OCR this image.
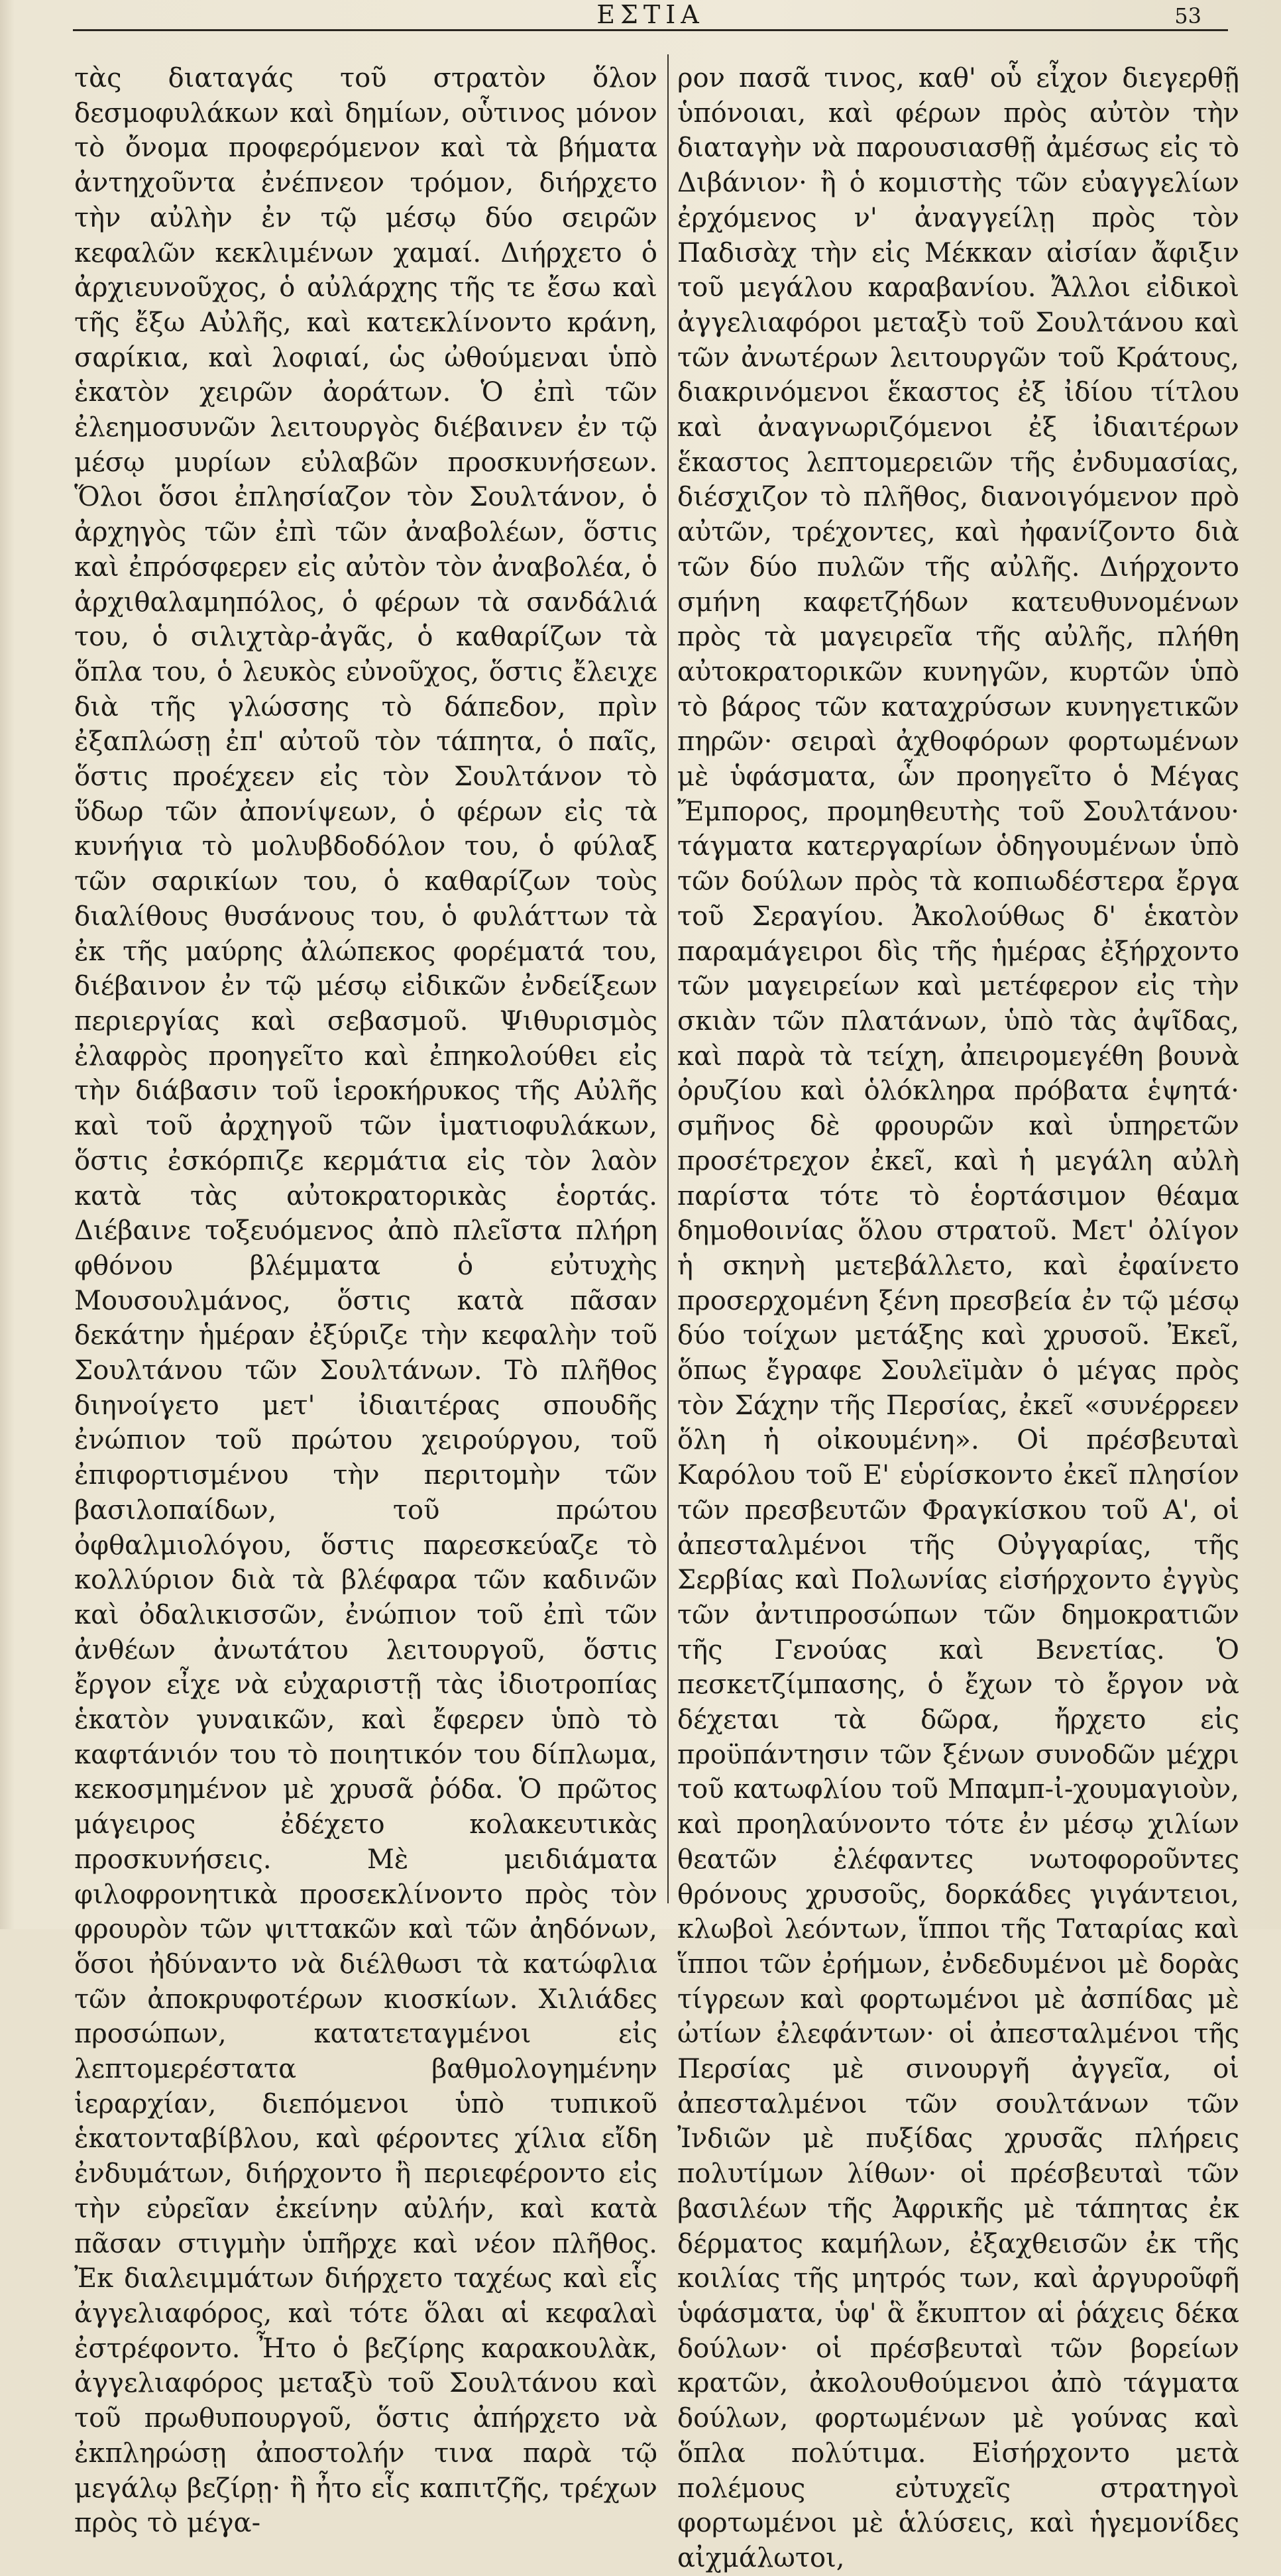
ΕΣΤΙΑ	53

τὰς διαταγάς τοῦ στρατὸν ὅλον δεσμοφυλάκων καὶ δημίων, οὗτινος μόνον τὸ ὄνομα προφερόμενον καὶ τὰ βήματα ἀντηχοῦντα ἐνέπνεον τρόμον, διήρχετο τὴν αὐλὴν ἐν τῷ μέσῳ δύο σειρῶν κεφαλῶν κεκλιμένων χαμαί. Διήρχετο ὁ ἀρχιευνοῦχος, ὁ αὐλάρχης τῆς τε ἔσω καὶ τῆς ἔξω Αὐλῆς, καὶ κατεκλίνοντο κράνη, σαρίκια, καὶ λοφιαί, ὡς ὠθούμεναι ὑπὸ ἑκατὸν χειρῶν ἀοράτων. Ὁ ἐπὶ τῶν ἐλεημοσυνῶν λειτουργὸς διέβαινεν ἐν τῷ μέσῳ μυρίων εὐλαβῶν προσκυνήσεων. Ὅλοι ὅσοι ἐπλησίαζον τὸν Σουλτάνον, ὁ ἀρχηγὸς τῶν ἐπὶ τῶν ἀναβολέων, ὅστις καὶ ἐπρόσφερεν εἰς αὐτὸν τὸν ἀναβολέα, ὁ ἀρχιθαλαμηπόλος, ὁ φέρων τὰ σανδάλιά του, ὁ σιλιχτὰρ-ἀγᾶς, ὁ καθαρίζων τὰ ὅπλα του, ὁ λευκὸς εὐνοῦχος, ὅστις ἔλειχε διὰ τῆς γλώσσης τὸ δάπεδον, πρὶν ἐξαπλώσῃ ἐπ' αὐτοῦ τὸν τάπητα, ὁ παῖς, ὅστις προέχεεν εἰς τὸν Σουλτάνον τὸ ὕδωρ τῶν ἀπονίψεων, ὁ φέρων εἰς τὰ κυνήγια τὸ μολυβδοδόλον του, ὁ φύλαξ τῶν σαρικίων του, ὁ καθαρίζων τοὺς διαλίθους θυσάνους του, ὁ φυλάττων τὰ ἐκ τῆς μαύρης ἀλώπεκος φορέματά του, διέβαινον ἐν τῷ μέσῳ εἰδικῶν ἐνδείξεων περιεργίας καὶ σεβασμοῦ. Ψιθυρισμὸς ἐλαφρὸς προηγεῖτο καὶ ἐπηκολούθει εἰς τὴν διάβασιν τοῦ ἱεροκήρυκος τῆς Αὐλῆς καὶ τοῦ ἀρχηγοῦ τῶν ἱματιοφυλάκων, ὅστις ἐσκόρπιζε κερμάτια εἰς τὸν λαὸν κατὰ τὰς αὐτοκρατορικὰς ἑορτάς. Διέβαινε τοξευόμενος ἀπὸ πλεῖστα πλήρη φθόνου βλέμματα ὁ εὐτυχὴς Μουσουλμάνος, ὅστις κατὰ πᾶσαν δεκάτην ἡμέραν ἐξύριζε τὴν κεφαλὴν τοῦ Σουλτάνου τῶν Σουλτάνων. Τὸ πλῆθος διηνοίγετο μετ' ἰδιαιτέρας σπουδῆς ἐνώπιον τοῦ πρώτου χειρούργου, τοῦ ἐπιφορτισμένου τὴν περιτομὴν τῶν βασιλοπαίδων, τοῦ πρώτου ὀφθαλμιολόγου, ὅστις παρεσκεύαζε τὸ κολλύριον διὰ τὰ βλέφαρα τῶν καδινῶν καὶ ὀδαλικισσῶν, ἐνώπιον τοῦ ἐπὶ τῶν ἀνθέων ἀνωτάτου λειτουργοῦ, ὅστις ἔργον εἶχε νὰ εὐχαριστῇ τὰς ἰδιοτροπίας ἑκατὸν γυναικῶν, καὶ ἔφερεν ὑπὸ τὸ καφτάνιόν του τὸ ποιητικόν του δίπλωμα, κεκοσμημένον μὲ χρυσᾶ ῥόδα. Ὁ πρῶτος μάγειρος ἐδέχετο κολακευτικὰς προσκυνήσεις. Μὲ μειδιάματα φιλοφρονητικὰ προσεκλίνοντο πρὸς τὸν φρουρὸν τῶν ψιττακῶν καὶ τῶν ἀηδόνων, ὅσοι ἠδύναντο νὰ διέλθωσι τὰ κατώφλια τῶν ἀποκρυφοτέρων κιοσκίων. Χιλιάδες προσώπων, κατατεταγμένοι εἰς λεπτομερέστατα βαθμολογημένην ἱεραρχίαν, διεπόμενοι ὑπὸ τυπικοῦ ἑκατονταβίβλου, καὶ φέροντες χίλια εἴδη ἐνδυμάτων, διήρχοντο ἢ περιεφέροντο εἰς τὴν εὐρεῖαν ἐκείνην αὐλήν, καὶ κατὰ πᾶσαν στιγμὴν ὑπῆρχε καὶ νέον πλῆθος. Ἐκ διαλειμμάτων διήρχετο ταχέως καὶ εἷς ἀγγελιαφόρος, καὶ τότε ὅλαι αἱ κεφαλαὶ ἐστρέφοντο. Ἦτο ὁ βεζίρης καρακουλὰκ, ἀγγελιαφόρος μεταξὺ τοῦ Σουλτάνου καὶ τοῦ πρωθυπουργοῦ, ὅστις ἀπήρχετο νὰ ἐκπληρώσῃ ἀποστολήν τινα παρὰ τῷ μεγάλῳ βεζίρῃ· ἢ ἦτο εἷς καπιτζῆς, τρέχων πρὸς τὸ μέγα-

ρον πασᾶ τινος, καθ' οὗ εἶχον διεγερθῇ ὑπόνοιαι, καὶ φέρων πρὸς αὐτὸν τὴν διαταγὴν νὰ παρουσιασθῇ ἀμέσως εἰς τὸ Διβάνιον· ἢ ὁ κομιστὴς τῶν εὐαγγελίων ἐρχόμενος ν' ἀναγγείλῃ πρὸς τὸν Παδισὰχ τὴν εἰς Μέκκαν αἰσίαν ἄφιξιν τοῦ μεγάλου καραβανίου. Ἄλλοι εἰδικοὶ ἀγγελιαφόροι μεταξὺ τοῦ Σουλτάνου καὶ τῶν ἀνωτέρων λειτουργῶν τοῦ Κράτους, διακρινόμενοι ἕκαστος ἐξ ἰδίου τίτλου καὶ ἀναγνωριζόμενοι ἐξ ἰδιαιτέρων ἕκαστος λεπτομερειῶν τῆς ἐνδυμασίας, διέσχιζον τὸ πλῆθος, διανοιγόμενον πρὸ αὐτῶν, τρέχοντες, καὶ ἠφανίζοντο διὰ τῶν δύο πυλῶν τῆς αὐλῆς. Διήρχοντο σμήνη καφετζήδων κατευθυνομένων πρὸς τὰ μαγειρεῖα τῆς αὐλῆς, πλήθη αὐτοκρατορικῶν κυνηγῶν, κυρτῶν ὑπὸ τὸ βάρος τῶν καταχρύσων κυνηγετικῶν πηρῶν· σειραὶ ἀχθοφόρων φορτωμένων μὲ ὑφάσματα, ὧν προηγεῖτο ὁ Μέγας Ἔμπορος, προμηθευτὴς τοῦ Σουλτάνου· τάγματα κατεργαρίων ὁδηγουμένων ὑπὸ τῶν δούλων πρὸς τὰ κοπιωδέστερα ἔργα τοῦ Σεραγίου. Ἀκολούθως δ' ἑκατὸν παραμάγειροι δὶς τῆς ἡμέρας ἐξήρχοντο τῶν μαγειρείων καὶ μετέφερον εἰς τὴν σκιὰν τῶν πλατάνων, ὑπὸ τὰς ἀψῖδας, καὶ παρὰ τὰ τείχη, ἀπειρομεγέθη βουνὰ ὀρυζίου καὶ ὁλόκληρα πρόβατα ἑψητά· σμῆνος δὲ φρουρῶν καὶ ὑπηρετῶν προσέτρεχον ἐκεῖ, καὶ ἡ μεγάλη αὐλὴ παρίστα τότε τὸ ἑορτάσιμον θέαμα δημοθοινίας ὅλου στρατοῦ. Μετ' ὀλίγον ἡ σκηνὴ μετεβάλλετο, καὶ ἐφαίνετο προσερχομένη ξένη πρεσβεία ἐν τῷ μέσῳ δύο τοίχων μετάξης καὶ χρυσοῦ. Ἐκεῖ, ὅπως ἔγραφε Σουλεϊμὰν ὁ μέγας πρὸς τὸν Σάχην τῆς Περσίας, ἐκεῖ «συνέρρεεν ὅλη ἡ οἰκουμένη». Οἱ πρέσβευταὶ Καρόλου τοῦ Ε' εὑρίσκοντο ἐκεῖ πλησίον τῶν πρεσβευτῶν Φραγκίσκου τοῦ Α', οἱ ἀπεσταλμένοι τῆς Οὐγγαρίας, τῆς Σερβίας καὶ Πολωνίας εἰσήρχοντο ἐγγὺς τῶν ἀντιπροσώπων τῶν δημοκρατιῶν τῆς Γενούας καὶ Βενετίας. Ὁ πεσκετζίμπασης, ὁ ἔχων τὸ ἔργον νὰ δέχεται τὰ δῶρα, ἤρχετο εἰς προϋπάντησιν τῶν ξένων συνοδῶν μέχρι τοῦ κατωφλίου τοῦ Μπαμπ-ἰ-χουμαγιοὺν, καὶ προηλαύνοντο τότε ἐν μέσῳ χιλίων θεατῶν ἐλέφαντες νωτοφοροῦντες θρόνους χρυσοῦς, δορκάδες γιγάντειοι, κλωβοὶ λεόντων, ἵπποι τῆς Ταταρίας καὶ ἵπποι τῶν ἐρήμων, ἐνδεδυμένοι μὲ δορὰς τίγρεων καὶ φορτωμένοι μὲ ἀσπίδας μὲ ὠτίων ἐλεφάντων· οἱ ἀπεσταλμένοι τῆς Περσίας μὲ σινουργῆ ἀγγεῖα, οἱ ἀπεσταλμένοι τῶν σουλτάνων τῶν Ἰνδιῶν μὲ πυξίδας χρυσᾶς πλήρεις πολυτίμων λίθων· οἱ πρέσβευταὶ τῶν βασιλέων τῆς Ἀφρικῆς μὲ τάπητας ἐκ δέρματος καμήλων, ἐξαχθεισῶν ἐκ τῆς κοιλίας τῆς μητρός των, καὶ ἀργυροῦφῆ ὑφάσματα, ὑφ' ἃ ἔκυπτον αἱ ῥάχεις δέκα δούλων· οἱ πρέσβευταὶ τῶν βορείων κρατῶν, ἀκολουθούμενοι ἀπὸ τάγματα δούλων, φορτωμένων μὲ γούνας καὶ ὅπλα πολύτιμα. Εἰσήρχοντο μετὰ πολέμους εὐτυχεῖς στρατηγοὶ φορτωμένοι μὲ ἁλύσεις, καὶ ἡγεμονίδες αἰχμάλωτοι,
